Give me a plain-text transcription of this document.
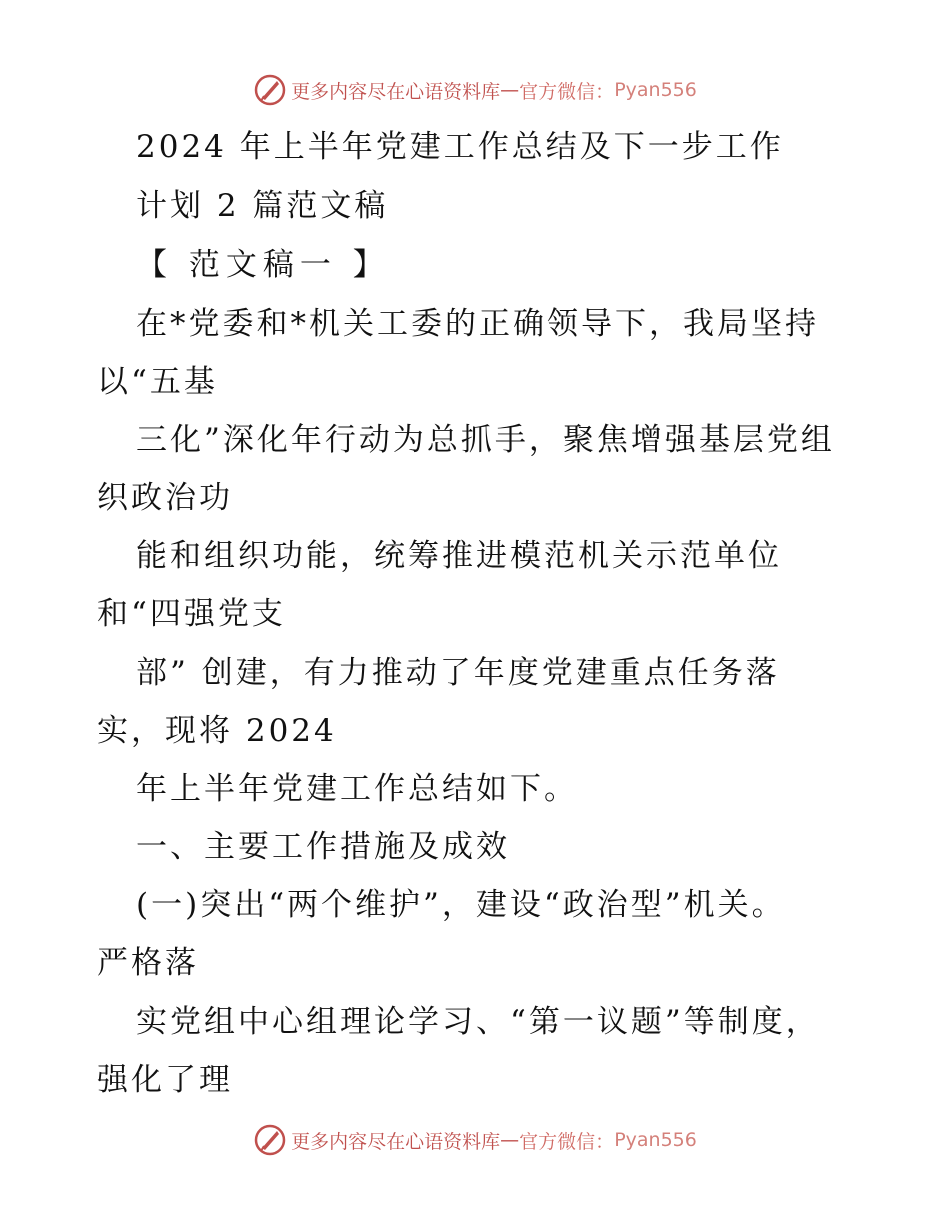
更多内容尽在心语资料库 — 官方微信： Pyan556
2024 年上半年党建工作总结及下一步工作
计划 2 篇范文稿
【 范文稿一 】
在*党委和*机关工委的正确领导下，我局坚持
以“五基
三化”深化年行动为总抓手，聚焦增强基层党组
织政治功
能和组织功能，统筹推进模范机关示范单位
和“四强党支
部” 创建，有力推动了年度党建重点任务落
实，现将 2024
年上半年党建工作总结如下。
一、主要工作措施及成效
(一)突出“两个维护”，建设“政治型”机关。
严格落
实党组中心组理论学习、“第一议题”等制度，
强化了理
更多内容尽在心语资料库 — 官方微信： Pyan556
